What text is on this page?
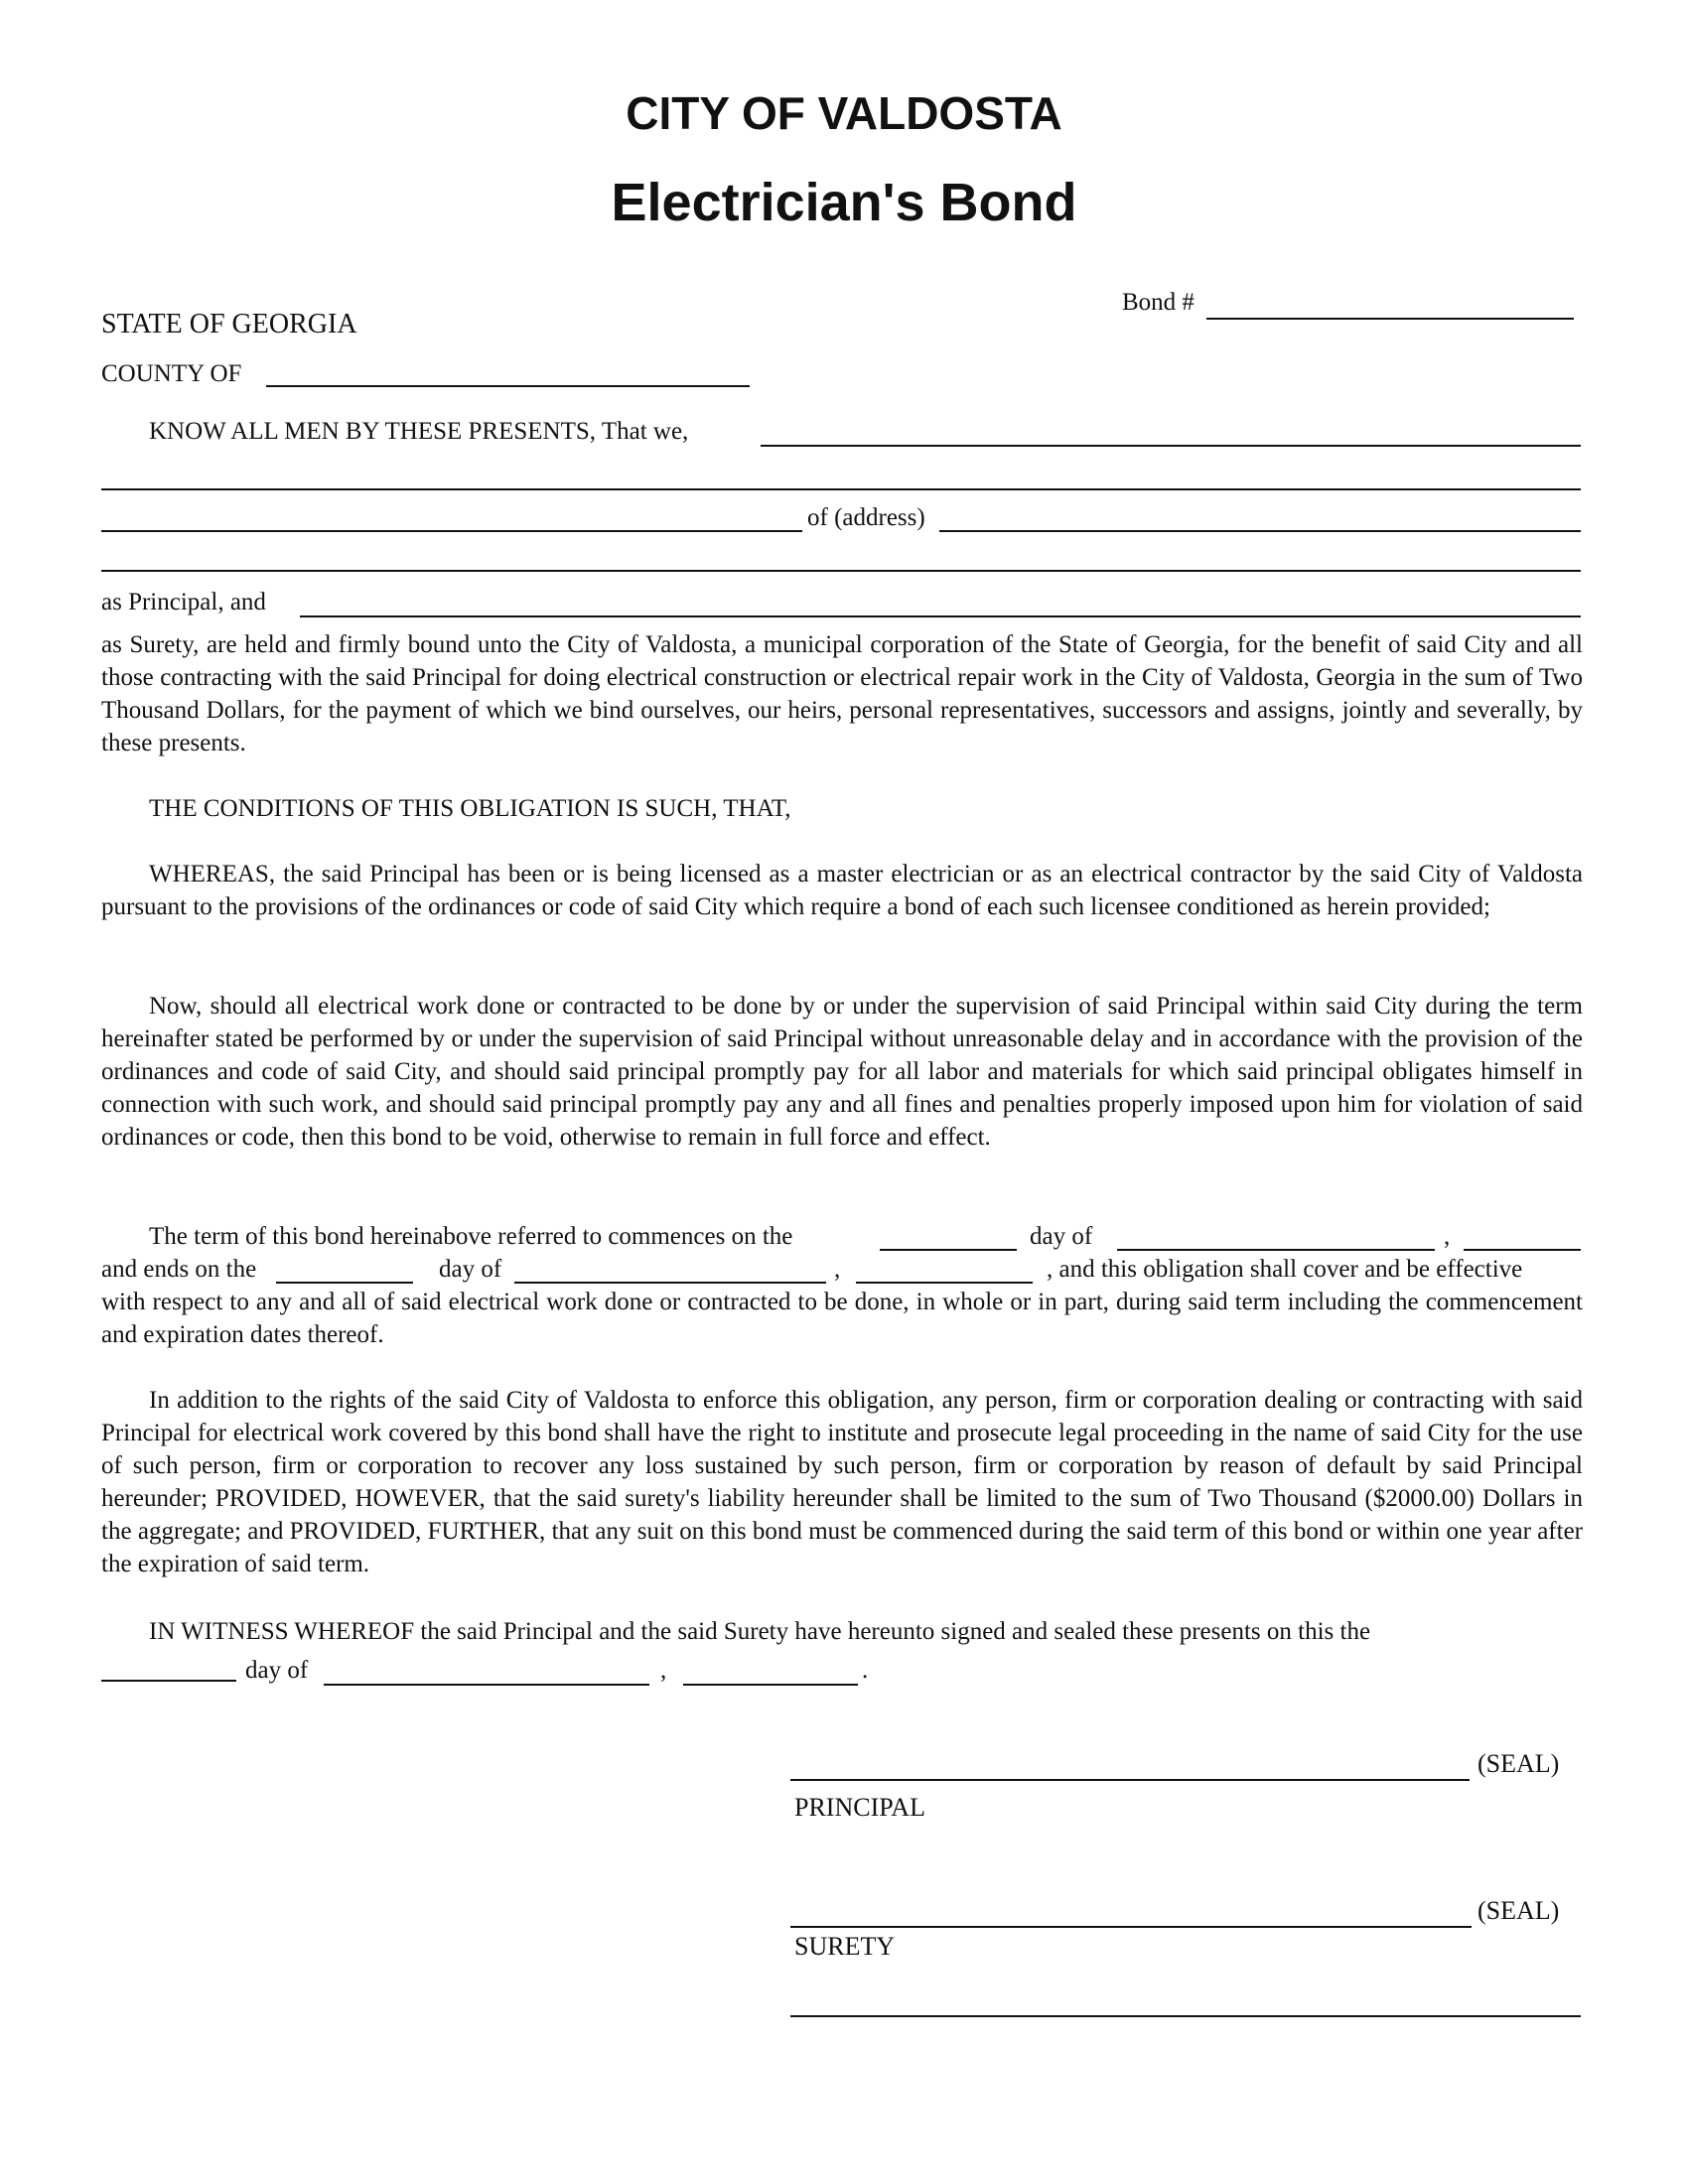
CITY OF VALDOSTA
Electrician's Bond
Bond #
STATE OF GEORGIA
COUNTY OF
KNOW ALL MEN BY THESE PRESENTS, That we,
of (address)
as Principal, and
as Surety, are held and firmly bound unto the City of Valdosta, a municipal corporation of the State of Georgia, for the benefit of said City and all those contracting with the said Principal for doing electrical construction or electrical repair work in the City of Valdosta, Georgia in the sum of Two Thousand Dollars, for the payment of which we bind ourselves, our heirs, personal representatives, successors and assigns, jointly and severally, by these presents.
THE CONDITIONS OF THIS OBLIGATION IS SUCH, THAT,
WHEREAS, the said Principal has been or is being licensed as a master electrician or as an electrical contractor by the said City of Valdosta pursuant to the provisions of the ordinances or code of said City which require a bond of each such licensee conditioned as herein provided;
Now, should all electrical work done or contracted to be done by or under the supervision of said Principal within said City during the term hereinafter stated be performed by or under the supervision of said Principal without unreasonable delay and in accordance with the provision of the ordinances and code of said City, and should said principal promptly pay for all labor and materials for which said principal obligates himself in connection with such work, and should said principal promptly pay any and all fines and penalties properly imposed upon him for violation of said ordinances or code, then this bond to be void, otherwise to remain in full force and effect.
The term of this bond hereinabove referred to commences on the	day of	,
and ends on the	day of	,	, and this obligation shall cover and be effective
with respect to any and all of said electrical work done or contracted to be done, in whole or in part, during said term including the commencement and expiration dates thereof.
In addition to the rights of the said City of Valdosta to enforce this obligation, any person, firm or corporation dealing or contracting with said Principal for electrical work covered by this bond shall have the right to institute and prosecute legal proceeding in the name of said City for the use of such person, firm or corporation to recover any loss sustained by such person, firm or corporation by reason of default by said Principal hereunder; PROVIDED, HOWEVER, that the said surety's liability hereunder shall be limited to the sum of Two Thousand ($2000.00) Dollars in the aggregate; and PROVIDED, FURTHER, that any suit on this bond must be commenced during the said term of this bond or within one year after the expiration of said term.
IN WITNESS WHEREOF the said Principal and the said Surety have hereunto signed and sealed these presents on this the
day of	,	.
(SEAL)
PRINCIPAL
(SEAL)
SURETY
